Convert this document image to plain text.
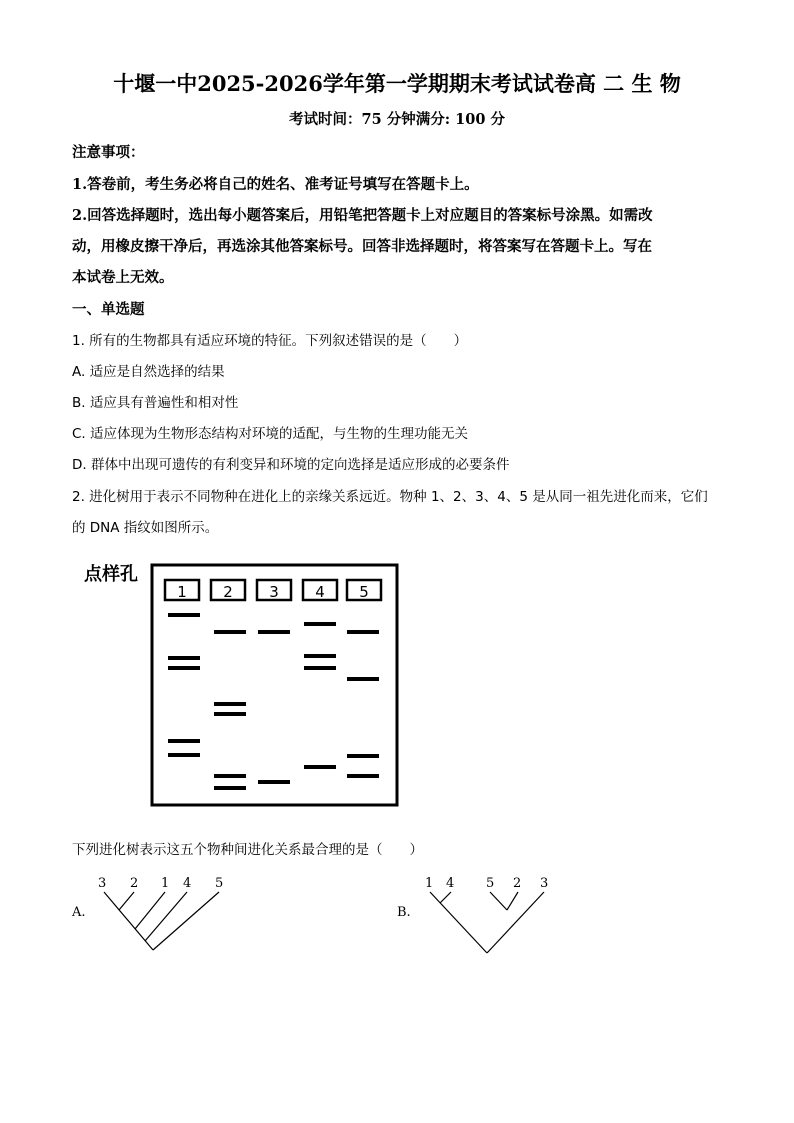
十堰一中2025-2026学年第一学期期末考试试卷高 二 生 物
考试时间：75 分钟满分: 100 分
注意事项：
1.答卷前，考生务必将自己的姓名、准考证号填写在答题卡上。
2.回答选择题时，选出每小题答案后，用铅笔把答题卡上对应题目的答案标号涂黑。如需改
动，用橡皮擦干净后，再选涂其他答案标号。回答非选择题时，将答案写在答题卡上。写在
本试卷上无效。
一、单选题
1. 所有的生物都具有适应环境的特征。下列叙述错误的是（　　）
A. 适应是自然选择的结果
B. 适应具有普遍性和相对性
C. 适应体现为生物形态结构对环境的适配，与生物的生理功能无关
D. 群体中出现可遗传的有利变异和环境的定向选择是适应形成的必要条件
2. 进化树用于表示不同物种在进化上的亲缘关系远近。物种 1、2、3、4、5 是从同一祖先进化而来，它们
的 DNA 指纹如图所示。
点样孔
1 2 3 4 5
下列进化树表示这五个物种间进化关系最合理的是（　　）
A.
3 2 1 4 5
B.
1 4 5 2 3
